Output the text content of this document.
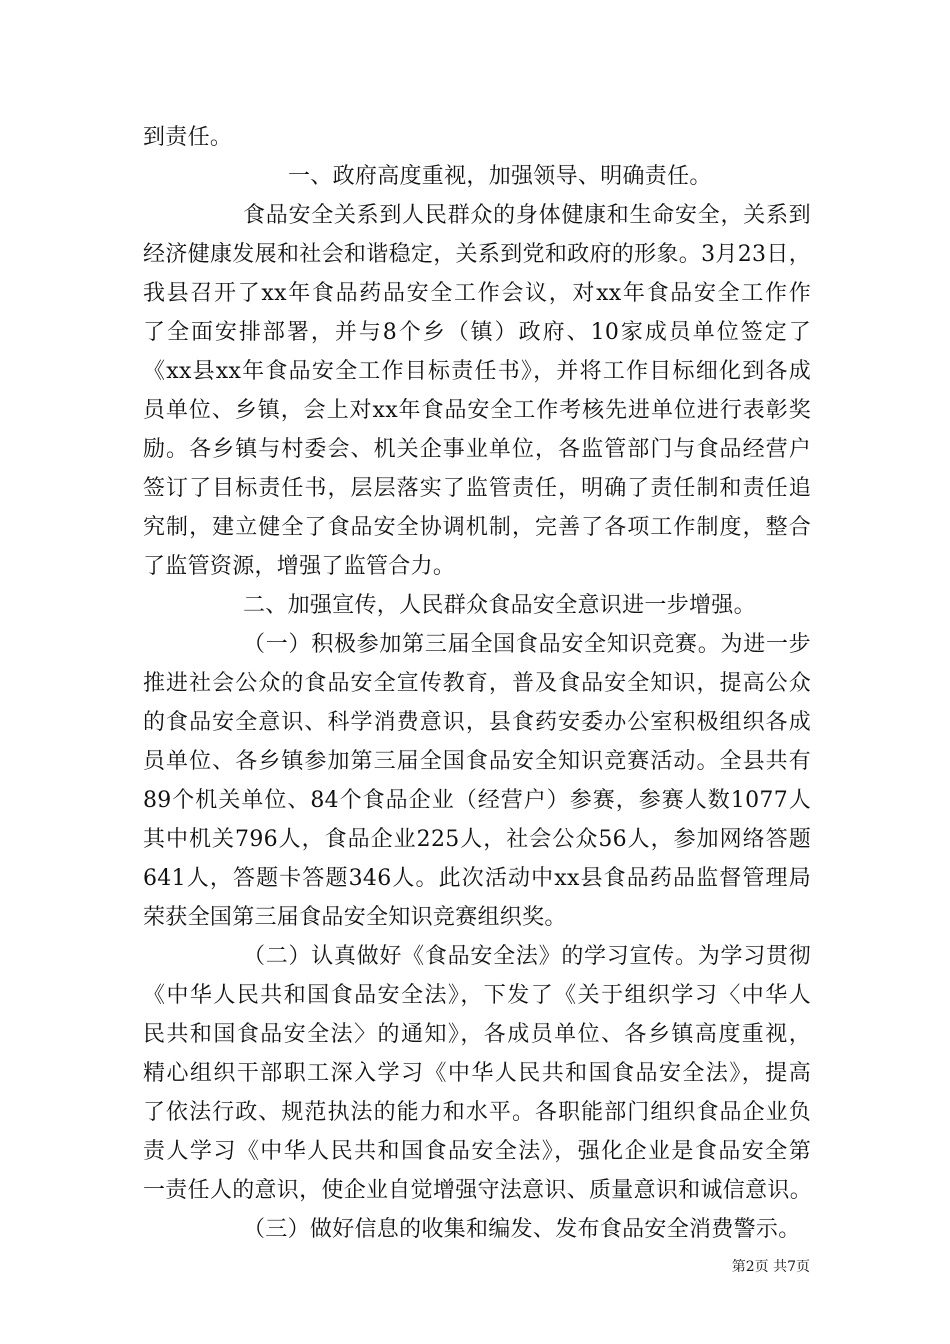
到责任。
一、政府高度重视，加强领导、明确责任。
食品安全关系到人民群众的身体健康和生命安全，关系到
经济健康发展和社会和谐稳定，关系到党和政府的形象。3月23日，
我县召开了xx年食品药品安全工作会议，对xx年食品安全工作作
了全面安排部署，并与8个乡（镇）政府、10家成员单位签定了
《xx县xx年食品安全工作目标责任书》，并将工作目标细化到各成
员单位、乡镇，会上对xx年食品安全工作考核先进单位进行表彰奖
励。各乡镇与村委会、机关企事业单位，各监管部门与食品经营户
签订了目标责任书，层层落实了监管责任，明确了责任制和责任追
究制，建立健全了食品安全协调机制，完善了各项工作制度，整合
了监管资源，增强了监管合力。
二、加强宣传，人民群众食品安全意识进一步增强。
（一）积极参加第三届全国食品安全知识竞赛。为进一步
推进社会公众的食品安全宣传教育，普及食品安全知识，提高公众
的食品安全意识、科学消费意识，县食药安委办公室积极组织各成
员单位、各乡镇参加第三届全国食品安全知识竞赛活动。全县共有
89个机关单位、84个食品企业（经营户）参赛，参赛人数1077人
其中机关796人，食品企业225人，社会公众56人，参加网络答题
641人，答题卡答题346人。此次活动中xx县食品药品监督管理局
荣获全国第三届食品安全知识竞赛组织奖。
（二）认真做好《食品安全法》的学习宣传。为学习贯彻
《中华人民共和国食品安全法》，下发了《关于组织学习〈中华人
民共和国食品安全法〉的通知》，各成员单位、各乡镇高度重视，
精心组织干部职工深入学习《中华人民共和国食品安全法》，提高
了依法行政、规范执法的能力和水平。各职能部门组织食品企业负
责人学习《中华人民共和国食品安全法》，强化企业是食品安全第
一责任人的意识，使企业自觉增强守法意识、质量意识和诚信意识。
（三）做好信息的收集和编发、发布食品安全消费警示。
第2页 共7页
